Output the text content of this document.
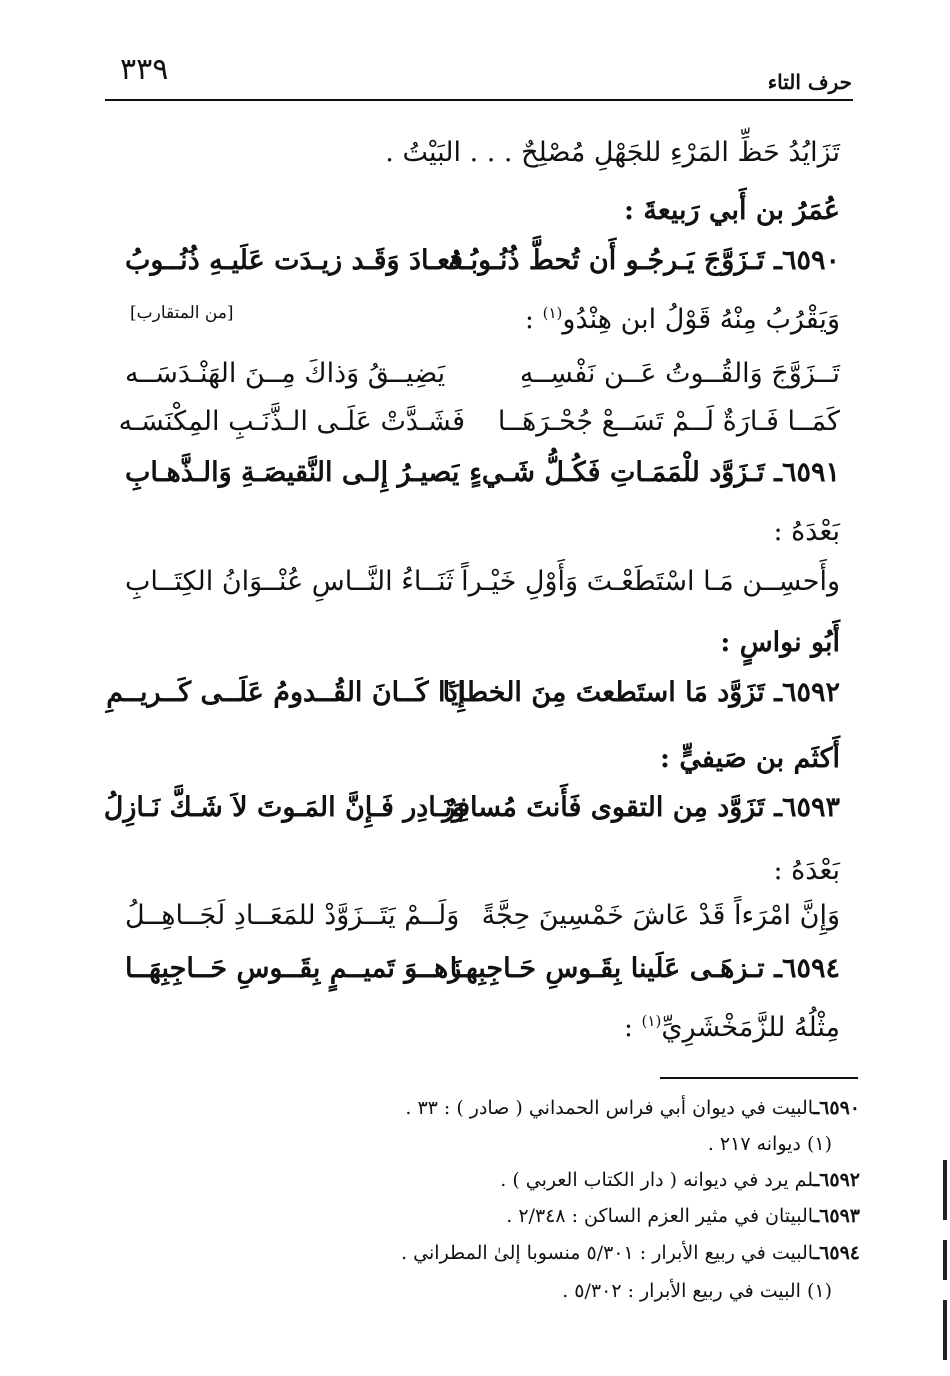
٣٣٩	حرف التاء
تَزَايُدُ حَظِّ المَرْءِ للجَهْلِ مُصْلِحٌ . . . البَيْتُ .
عُمَرُ بن أَبي رَبيعةَ :
٦٥٩٠ـ تَـزَوَّجَ يَـرجُـو أَن تُحطَّ ذُنُـوبُـهُ
فعـادَ وَقَـد زيـدَت عَلَيـهِ ذُنُــوبُ
وَيَقْرُبُ مِنْهُ قَوْلُ ابن هِنْدُو$^{(١)}$ :
[من المتقارب]
تَــزَوَّجَ وَالقُــوتُ عَــن نَفْسِــهِ
يَضِيــقُ وَذاكَ مِــنَ الهَنْـدَسَــه
كَمَــا فَـارَةٌ لَــمْ تَسَــعْ جُحْـرَهَــا
فَشَـدَّتْ عَلَـى الـذَّنَـبِ المِكْنَسَـه
٦٥٩١ـ تَـزَوَّد للْمَمَـاتِ فَكُـلُّ شَـيءٍ
يَصيـرُ إِلـى النَّقيصَـةِ وَالـذَّهـابِ
بَعْدَهُ :
وأَحسِــن مَـا اسْتَطَعْـتَ وَأَوْلِ خَيْـراً
ثَنَــاءُ النَّــاسِ عُنْــوَانُ الكِتَــابِ
أَبُو نواسٍ :
٦٥٩٢ـ تَزَوَّد مَا استَطعتَ مِنَ الخطايَا
إِذَا كَــانَ القُــدومُ عَلَــى كَــريــمِ
أَكثَم بن صَيفيٍّ :
٦٥٩٣ـ تَزَوَّد مِن التقوى فَأَنتَ مُسافِرٌ
وَبَـادِر فَـإِنَّ المَـوتَ لاَ شَـكَّ نَـازِلُ
بَعْدَهُ :
وَإِنَّ امْرَءاً قَدْ عَاشَ خَمْسِينَ حِجَّةً
وَلَــمْ يَتَــزَوَّدْ للمَعَــادِ لَجَــاهِــلُ
٦٥٩٤ـ تـزهَـى عَلَينا بِقَـوسِ حَـاجِبِهـا
زَهــوَ تَميــمٍ بِقَــوسِ حَــاجِبِهَــا
مِثْلُهُ للزَّمَخْشَرِيِّ$^{(١)}$ :
٦٥٩٠ـالبيت في ديوان أبي فراس الحمداني ( صادر ) : ٣٣ .
(١) ديوانه ٢١٧ .
٦٥٩٢ـلم يرد في ديوانه ( دار الكتاب العربي ) .
٦٥٩٣ـالبيتان في مثير العزم الساكن : ٢/٣٤٨ .
٦٥٩٤ـالبيت في ربيع الأبرار : ٥/٣٠١ منسوبا إلىٰ المطراني .
(١) البيت في ربيع الأبرار : ٥/٣٠٢ .
